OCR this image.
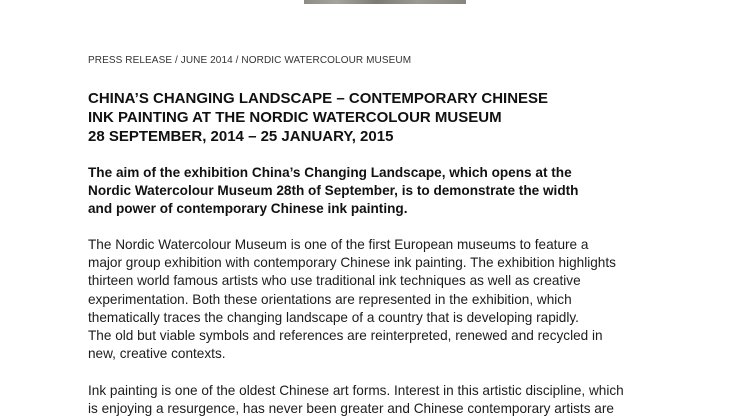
PRESS RELEASE / JUNE 2014 / NORDIC WATERCOLOUR MUSEUM
CHINA’S CHANGING LANDSCAPE – CONTEMPORARY CHINESE
INK PAINTING AT THE NORDIC WATERCOLOUR MUSEUM
28 SEPTEMBER, 2014 – 25 JANUARY, 2015
The aim of the exhibition China’s Changing Landscape, which opens at the
Nordic Watercolour Museum 28th of September, is to demonstrate the width
and power of contemporary Chinese ink painting.
The Nordic Watercolour Museum is one of the first European museums to feature a
major group exhibition with contemporary Chinese ink painting. The exhibition highlights
thirteen world famous artists who use traditional ink techniques as well as creative
experimentation. Both these orientations are represented in the exhibition, which
thematically traces the changing landscape of a country that is developing rapidly.
The old but viable symbols and references are reinterpreted, renewed and recycled in
new, creative contexts.
Ink painting is one of the oldest Chinese art forms. Interest in this artistic discipline, which
is enjoying a resurgence, has never been greater and Chinese contemporary artists are
